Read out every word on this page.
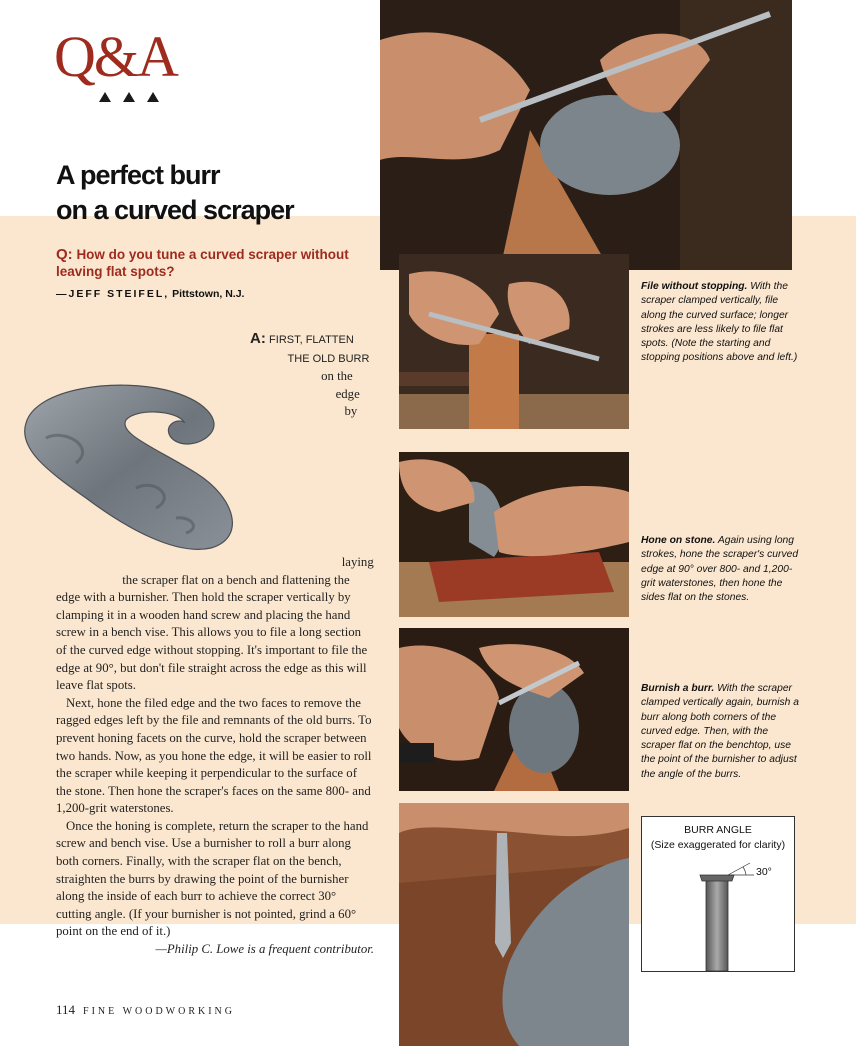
Q&A
A perfect burr
on a curved scraper
Q: How do you tune a curved scraper without leaving flat spots?
—JEFF STEIFEL, Pittstown, N.J.

A: FIRST, FLATTEN THE OLD BURR on the edge by laying the scraper flat on a bench and flattening the edge with a burnisher. Then hold the scraper vertically by clamping it in a wooden hand screw and placing the hand screw in a bench vise. This allows you to file a long section of the curved edge without stopping. It's important to file the edge at 90°, but don't file straight across the edge as this will leave flat spots.

Next, hone the filed edge and the two faces to remove the ragged edges left by the file and remnants of the old burrs. To prevent honing facets on the curve, hold the scraper between two hands. Now, as you hone the edge, it will be easier to roll the scraper while keeping it perpendicular to the surface of the stone. Then hone the scraper's faces on the same 800- and 1,200-grit waterstones.

Once the honing is complete, return the scraper to the hand screw and bench vise. Use a burnisher to roll a burr along both corners. Finally, with the scraper flat on the bench, straighten the burrs by drawing the point of the burnisher along the inside of each burr to achieve the correct 30° cutting angle. (If your burnisher is not pointed, grind a 60° point on the end of it.)

—Philip C. Lowe is a frequent contributor.

File without stopping. With the scraper clamped vertically, file along the curved surface; longer strokes are less likely to file flat spots. (Note the starting and stopping positions above and left.)
Hone on stone. Again using long strokes, hone the scraper's curved edge at 90° over 800- and 1,200-grit waterstones, then hone the sides flat on the stones.
Burnish a burr. With the scraper clamped vertically again, burnish a burr along both corners of the curved edge. Then, with the scraper flat on the benchtop, use the point of the burnisher to adjust the angle of the burrs.
BURR ANGLE
(Size exaggerated for clarity)
30°
114 FINE WOODWORKING
